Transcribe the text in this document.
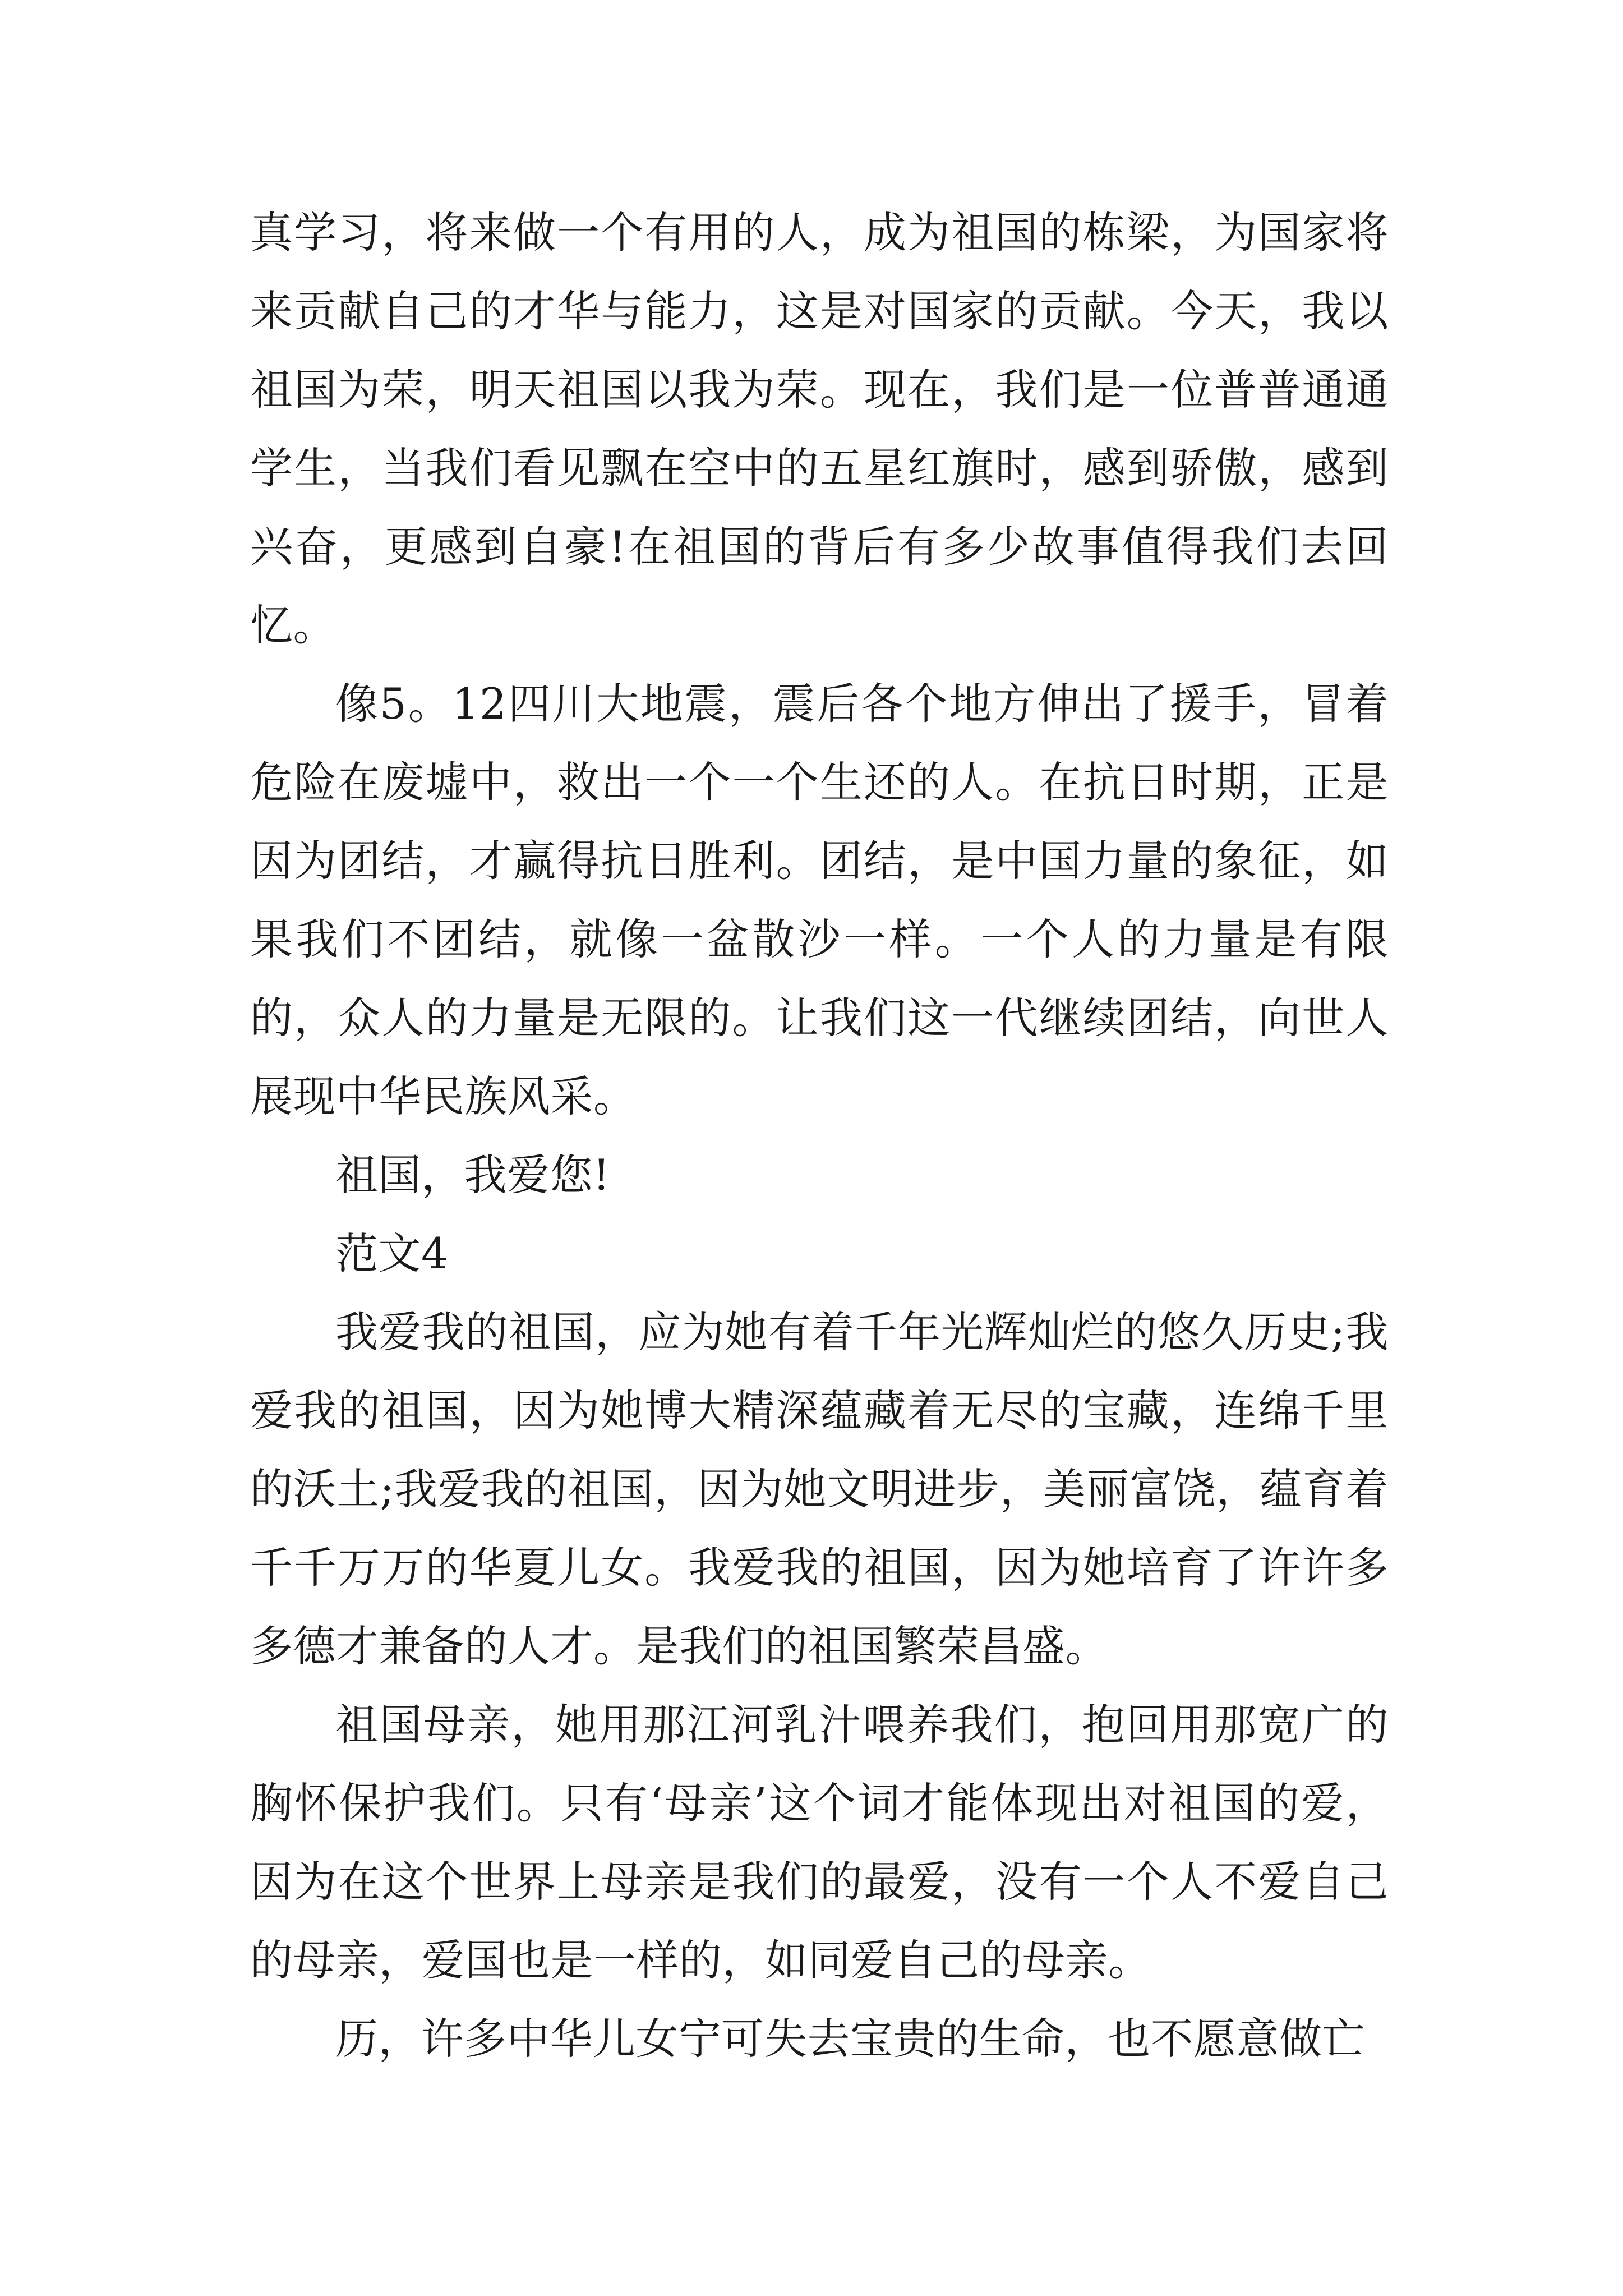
真学习，将来做一个有用的人，成为祖国的栋梁，为国家将来贡献自己的才华与能力，这是对国家的贡献。今天，我以祖国为荣，明天祖国以我为荣。现在，我们是一位普普通通学生，当我们看见飘在空中的五星红旗时，感到骄傲，感到兴奋，更感到自豪!在祖国的背后有多少故事值得我们去回忆。

像5。12四川大地震，震后各个地方伸出了援手，冒着危险在废墟中，救出一个一个生还的人。在抗日时期，正是因为团结，才赢得抗日胜利。团结，是中国力量的象征，如果我们不团结，就像一盆散沙一样。一个人的力量是有限的，众人的力量是无限的。让我们这一代继续团结，向世人展现中华民族风采。

祖国，我爱您!

范文4

我爱我的祖国，应为她有着千年光辉灿烂的悠久历史;我爱我的祖国，因为她博大精深蕴藏着无尽的宝藏，连绵千里的沃土;我爱我的祖国，因为她文明进步，美丽富饶，蕴育着千千万万的华夏儿女。我爱我的祖国，因为她培育了许许多多德才兼备的人才。是我们的祖国繁荣昌盛。

祖国母亲，她用那江河乳汁喂养我们，抱回用那宽广的胸怀保护我们。只有‘母亲’这个词才能体现出对祖国的爱，因为在这个世界上母亲是我们的最爱，没有一个人不爱自己的母亲，爱国也是一样的，如同爱自己的母亲。

历，许多中华儿女宁可失去宝贵的生命，也不愿意做亡
